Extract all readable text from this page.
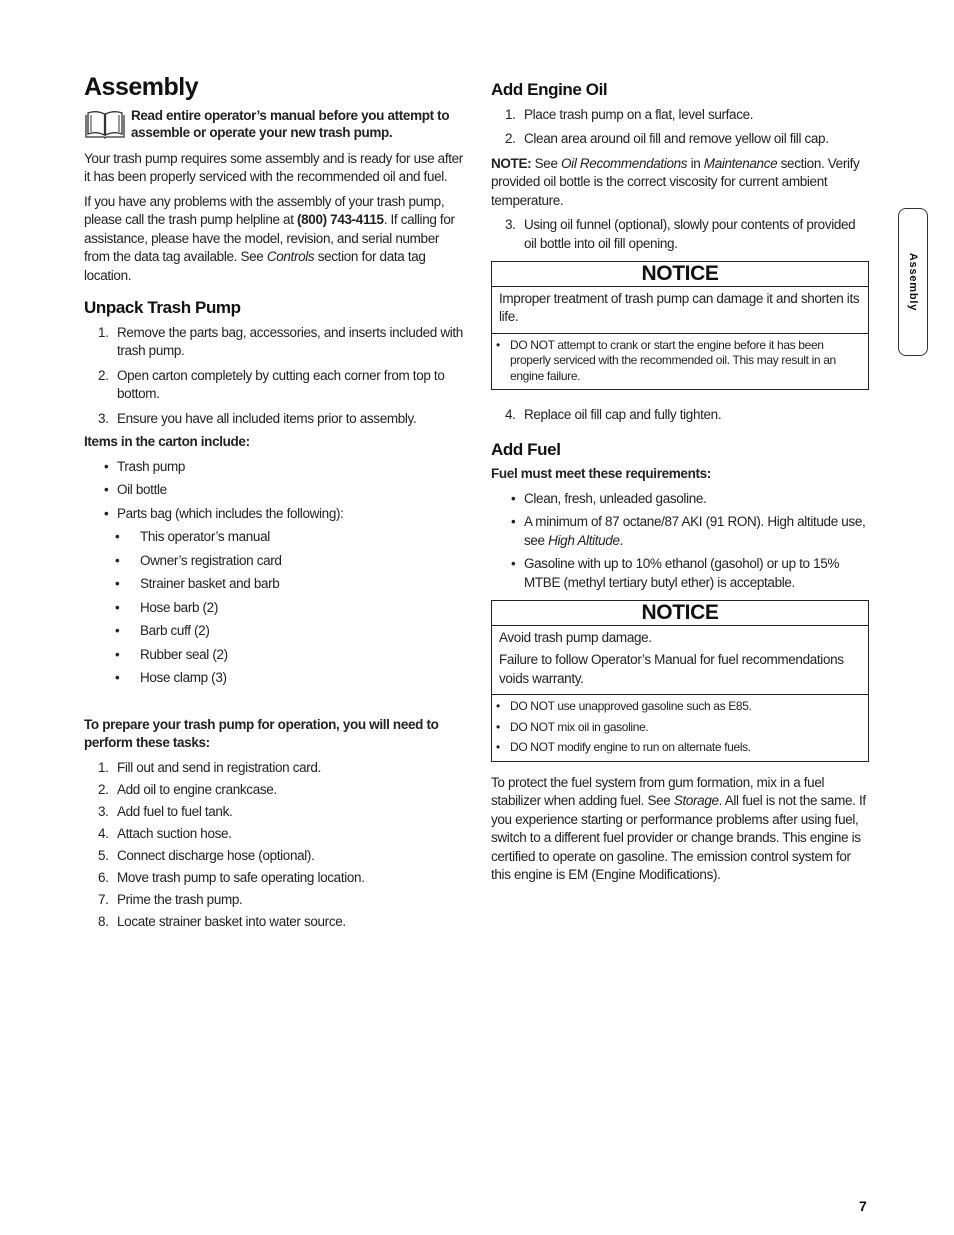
Assembly
Read entire operator’s manual before you attempt to assemble or operate your new trash pump.

Your trash pump requires some assembly and is ready for use after it has been properly serviced with the recommended oil and fuel.

If you have any problems with the assembly of your trash pump, please call the trash pump helpline at (800) 743-4115. If calling for assistance, please have the model, revision, and serial number from the data tag available. See Controls section for data tag location.

Unpack Trash Pump
1. Remove the parts bag, accessories, and inserts included with trash pump.
2. Open carton completely by cutting each corner from top to bottom.
3. Ensure you have all included items prior to assembly.

Items in the carton include:

• Trash pump
• Oil bottle
• Parts bag (which includes the following):
• This operator’s manual
• Owner’s registration card
• Strainer basket and barb
• Hose barb (2)
• Barb cuff (2)
• Rubber seal (2)
• Hose clamp (3)

To prepare your trash pump for operation, you will need to perform these tasks:

1. Fill out and send in registration card.
2. Add oil to engine crankcase.
3. Add fuel to fuel tank.
4. Attach suction hose.
5. Connect discharge hose (optional).
6. Move trash pump to safe operating location.
7. Prime the trash pump.
8. Locate strainer basket into water source.
Add Engine Oil
1. Place trash pump on a flat, level surface.
2. Clean area around oil fill and remove yellow oil fill cap.

NOTE: See Oil Recommendations in Maintenance section. Verify provided oil bottle is the correct viscosity for current ambient temperature.

3. Using oil funnel (optional), slowly pour contents of provided oil bottle into oil fill opening.
NOTICE

Improper treatment of trash pump can damage it and shorten its life.

• DO NOT attempt to crank or start the engine before it has been properly serviced with the recommended oil. This may result in an engine failure.
4. Replace oil fill cap and fully tighten.
Add Fuel

Fuel must meet these requirements:

• Clean, fresh, unleaded gasoline.
• A minimum of 87 octane/87 AKI (91 RON). High altitude use, see High Altitude.
• Gasoline with up to 10% ethanol (gasohol) or up to 15% MTBE (methyl tertiary butyl ether) is acceptable.
NOTICE

Avoid trash pump damage.

Failure to follow Operator’s Manual for fuel recommendations voids warranty.

• DO NOT use unapproved gasoline such as E85.
• DO NOT mix oil in gasoline.
• DO NOT modify engine to run on alternate fuels.

To protect the fuel system from gum formation, mix in a fuel stabilizer when adding fuel. See Storage. All fuel is not the same. If you experience starting or performance problems after using fuel, switch to a different fuel provider or change brands. This engine is certified to operate on gasoline. The emission control system for this engine is EM (Engine Modifications).

Assembly
7
